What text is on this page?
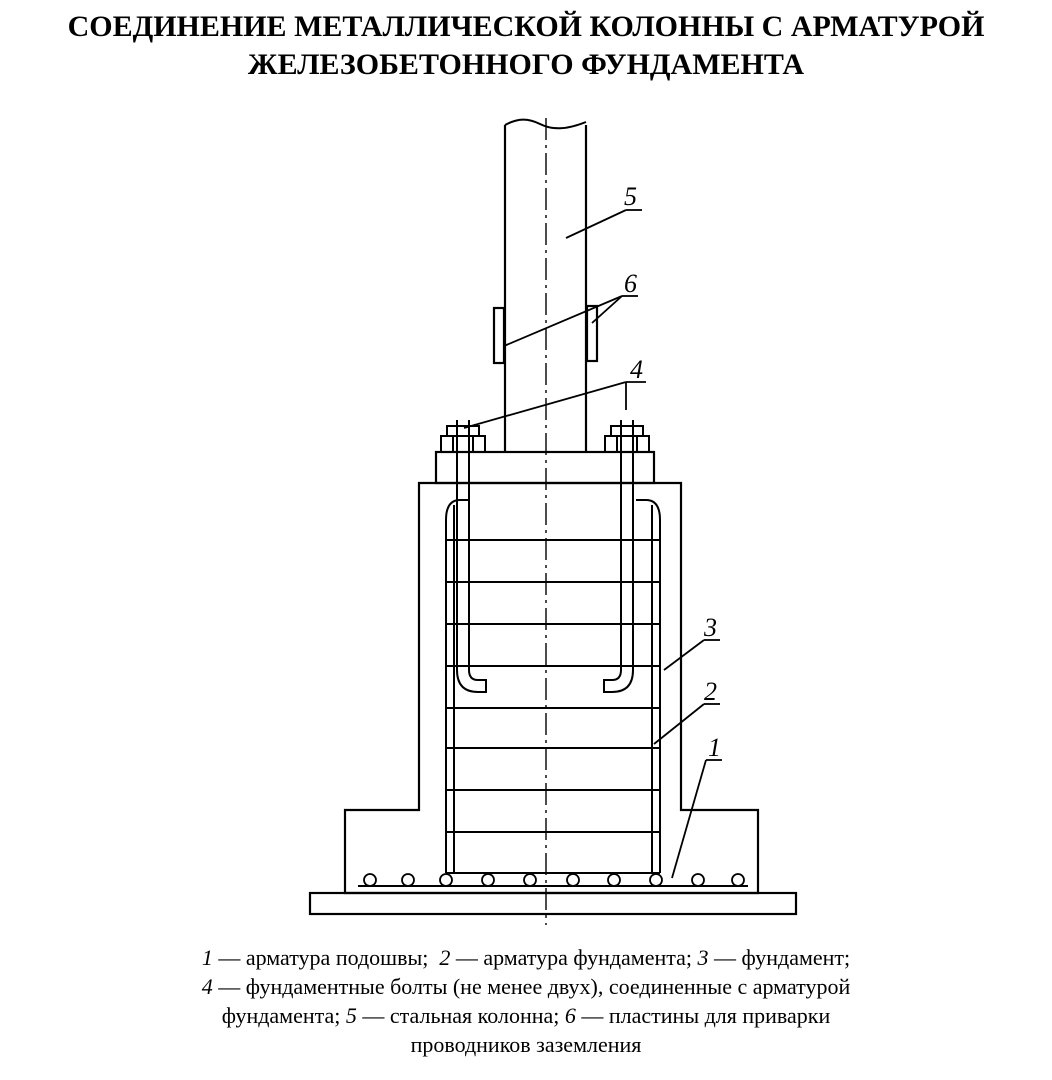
СОЕДИНЕНИЕ МЕТАЛЛИЧЕСКОЙ КОЛОННЫ С АРМАТУРОЙ
ЖЕЛЕЗОБЕТОННОГО ФУНДАМЕНТА
5
6
4
3
2
1
1 — арматура подошвы; 2 — арматура фундамента; 3 — фундамент;
4 — фундаментные болты (не менее двух), соединенные с арматурой
фундамента; 5 — стальная колонна; 6 — пластины для приварки
проводников заземления
